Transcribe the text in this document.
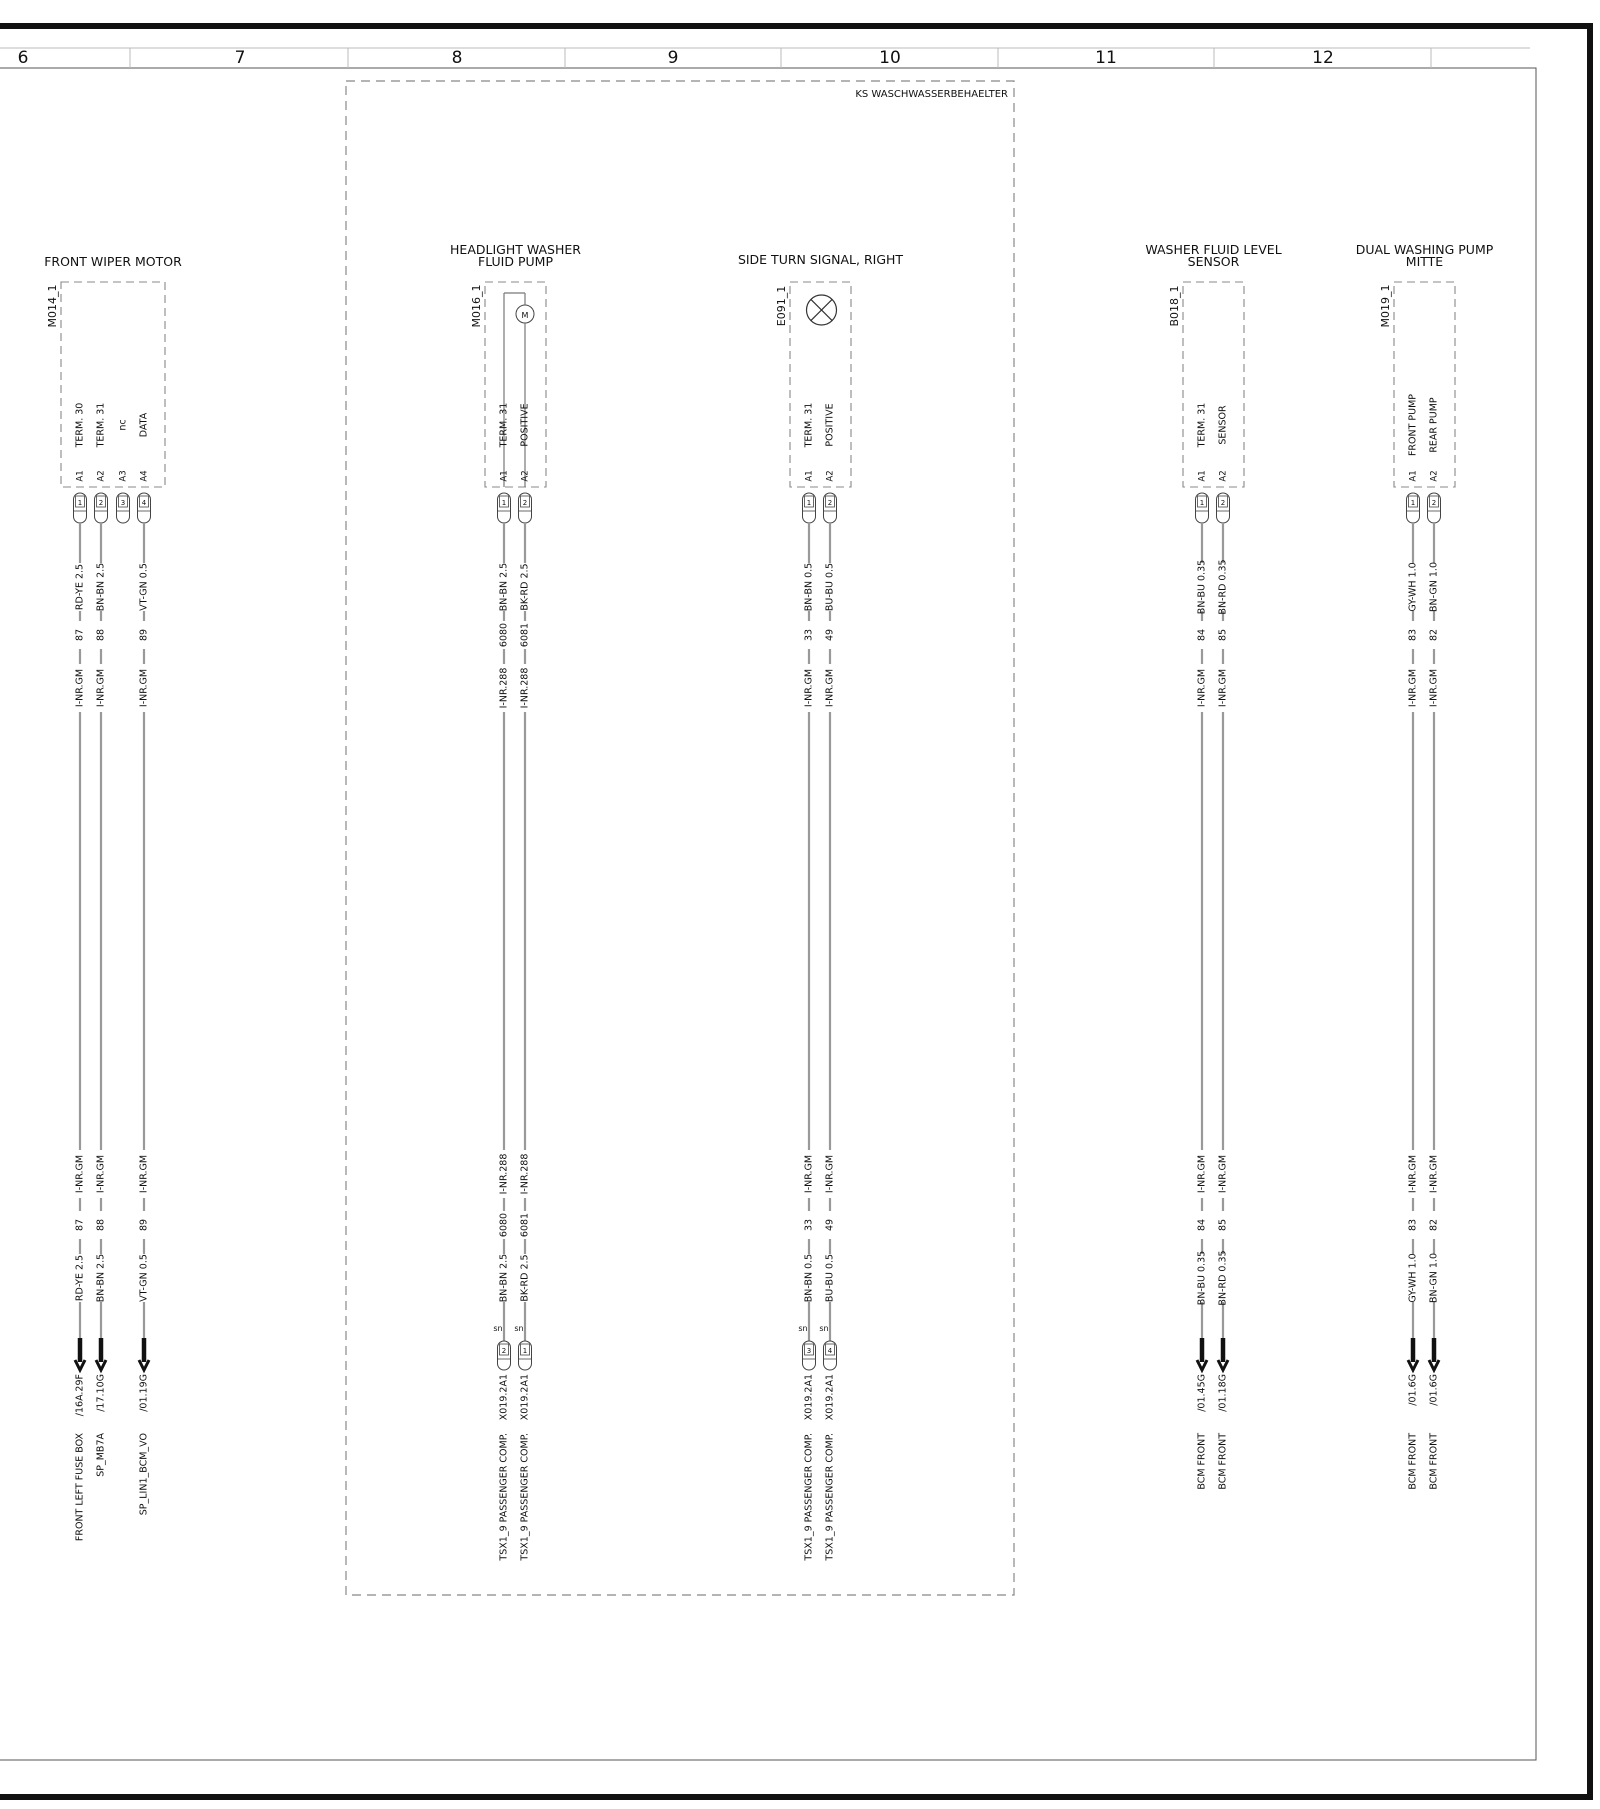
6	7	8	9	10	11	12
KS WASCHWASSERBEHAELTER
FRONT WIPER MOTOR
M014_1
TERM. 30
A1
1
RD-YE 2.5
87
I-NR.GM
I-NR.GM
87
RD-YE 2.5
/16A.29F
FRONT LEFT FUSE BOX
TERM. 31
A2
2
BN-BN 2.5
88
I-NR.GM
I-NR.GM
88
BN-BN 2.5
/17.10G
SP_MB7A
nc
A3
3
DATA
A4
4
VT-GN 0.5
89
I-NR.GM
I-NR.GM
89
VT-GN 0.5
/01.19G
SP_LIN1_BCM_VO
HEADLIGHT WASHER
FLUID PUMP
M016_1	M
TERM. 31
A1
1
BN-BN 2.5
6080
I-NR.288
I-NR.288
6080
BN-BN 2.5
sn
2
X019.2A1
TSX1_9 PASSENGER COMP.
POSITIVE
A2
2
BK-RD 2.5
6081
I-NR.288
I-NR.288
6081
BK-RD 2.5
sn
1
X019.2A1
TSX1_9 PASSENGER COMP.
SIDE TURN SIGNAL, RIGHT
E091_1
TERM. 31
A1
1
BN-BN 0.5
33
I-NR.GM
I-NR.GM
33
BN-BN 0.5
sn
3
X019.2A1
TSX1_9 PASSENGER COMP.
POSITIVE
A2
2
BU-BU 0.5
49
I-NR.GM
I-NR.GM
49
BU-BU 0.5
sn
4
X019.2A1
TSX1_9 PASSENGER COMP.
WASHER FLUID LEVEL
SENSOR
B018_1
TERM. 31
A1
1
BN-BU 0.35
84
I-NR.GM
I-NR.GM
84
BN-BU 0.35
/01.45G
BCM FRONT
SENSOR
A2
2
BN-RD 0.35
85
I-NR.GM
I-NR.GM
85
BN-RD 0.35
/01.18G
BCM FRONT
DUAL WASHING PUMP
MITTE
M019_1
FRONT PUMP
A1
1
GY-WH 1.0
83
I-NR.GM
I-NR.GM
83
GY-WH 1.0
/01.6G
BCM FRONT
REAR PUMP
A2
2
BN-GN 1.0
82
I-NR.GM
I-NR.GM
82
BN-GN 1.0
/01.6G
BCM FRONT
